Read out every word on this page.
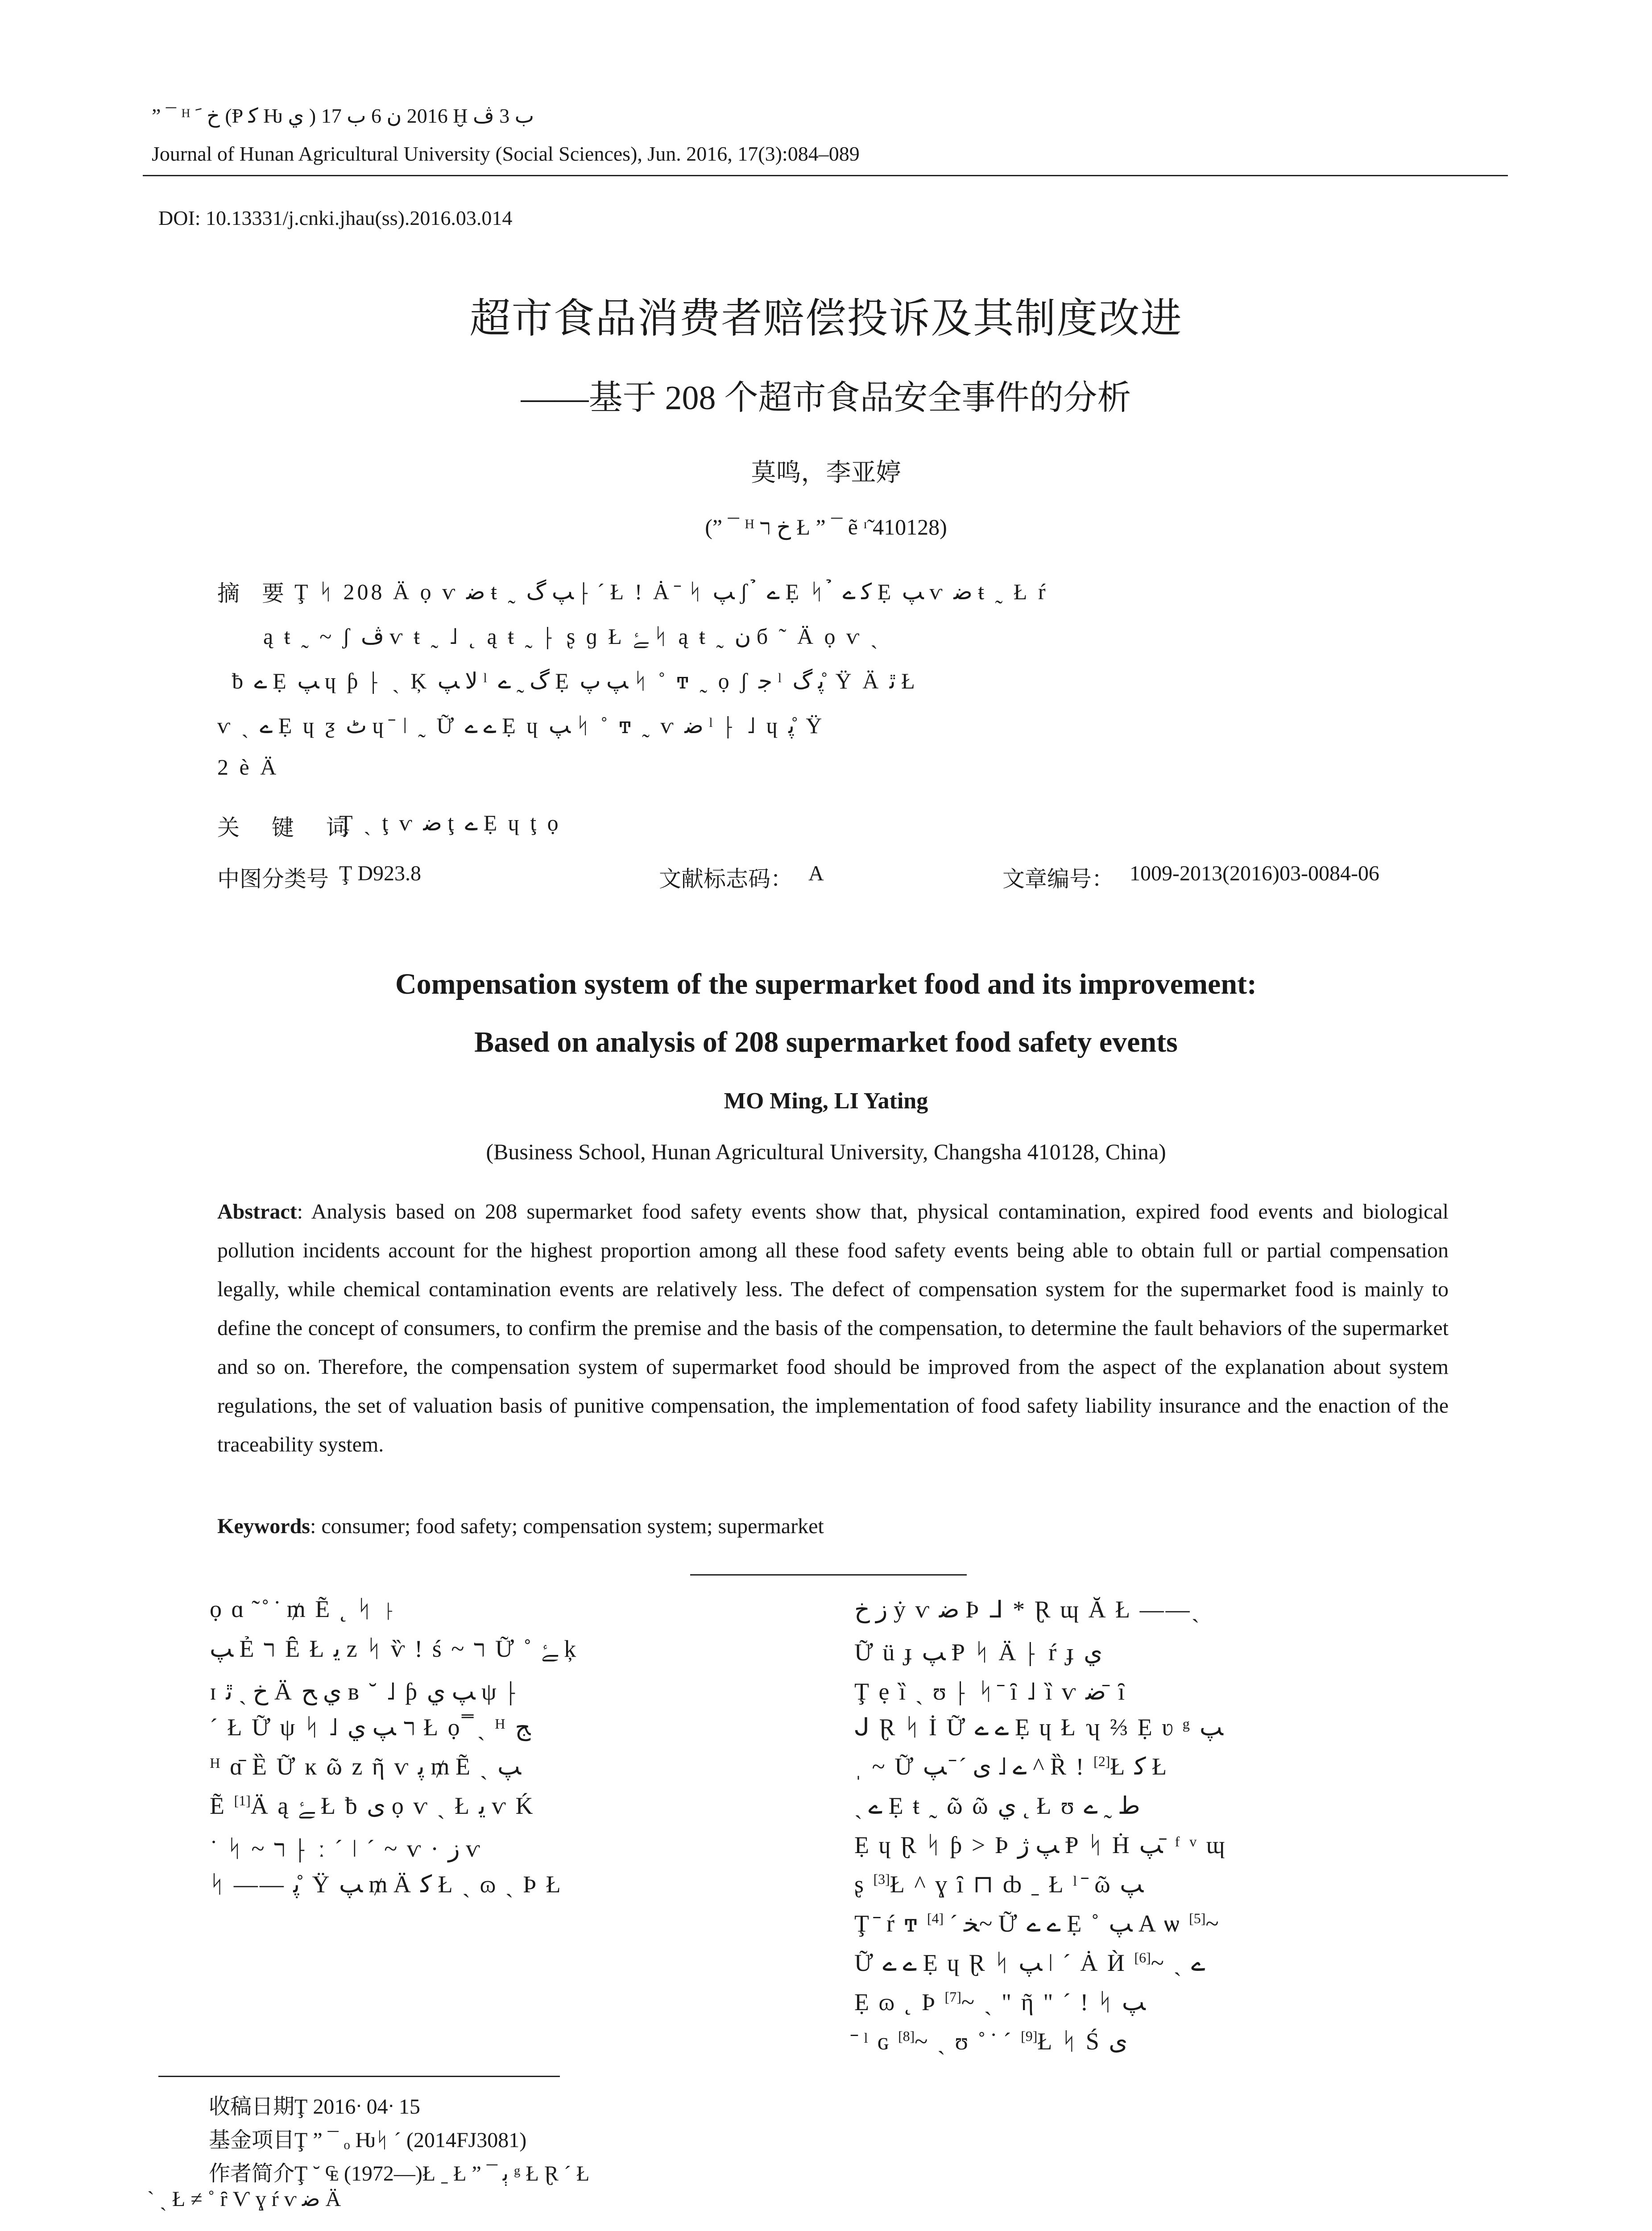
” ¯ ᴴ ﺥ ﹶ (Ᵽ ﻛ Ƕ ﻱ ) 2016 ﻥ 6 ﺏ 17 Ḫ ﺏ 3 ﭪ
Journal of Hunan Agricultural University (Social Sciences), Jun. 2016, 17(3):084–089
DOI: 10.13331/j.cnki.jhau(ss).2016.03.014
超市食品消费者赔偿投诉及其制度改进
——基于 208 个超市食品安全事件的分析
莫鸣，李亚婷
(” ¯ ᴴ ﺥ ﬧ Ł ” ¯ ẽ ᶦ̃ 410128)
摘　要 Ţ ᛋ 208 Ä ọ ѵ ﺿ ŧ ˷ ﭗ ﮒ ⸠ ´ Ł ! Ȧ ̄ ᛋ ﭗ ʃ ̉ ے Ẹ ᛋ ̉ ﮐ ے Ẹ ﭗ ѵ ﺿ ŧ ˷ Ł ŕ
ą ŧ ˷ ~ ʃ ﭪ ѵ ŧ ˷ ˩ ˛ ą ŧ ˷ ⸠ ʂ ɡ Ł ﮱ ᛋ ą ŧ ˷ ﻥ б ˜ Ä ọ ѵ ˏ
ƀ ے Ẹ ﭗ ɥ ƥ ⸠ ˏ Ķ ﻻ ﭗ ˡ ﮒ ˷ ے Ẹ ﭗ ﭖ ᛋ ˚ ͳ ˷ ọ ʃ ﺟ ˡ ﭘ ﮒ ̊ Ÿ Ä ﭤ Ł
ѵ ˏ ے Ẹ ɥ ƺ ﭦ ɥ ̄ ǀ ˷ Ữ ے ے Ẹ ɥ ﭗ ᛋ ˚ ͳ ˷ ѵ ﺿ ˡ ⸠ ˩ ɥ ﭘ ̊ Ÿ
2 è Ä
关 键 词
Ţ ˏ ţ ѵ ﺿ ţ ے Ẹ ɥ ţ ọ
中图分类号 Ţ D923.8	文献标志码： A	文章编号： 1009-2013(2016)03-0084-06
Compensation system of the supermarket food and its improvement:
Based on analysis of 208 supermarket food safety events
MO Ming, LI Yating
(Business School, Hunan Agricultural University, Changsha 410128, China)
Abstract: Analysis based on 208 supermarket food safety events show that, physical contamination, expired food events and biological pollution incidents account for the highest proportion among all these food safety events being able to obtain full or partial compensation legally, while chemical contamination events are relatively less. The defect of compensation system for the supermarket food is mainly to define the concept of consumers, to confirm the premise and the basis of the compensation, to determine the fault behaviors of the supermarket and so on. Therefore, the compensation system of supermarket food should be improved from the aspect of the explanation about system regulations, the set of valuation basis of punitive compensation, the implementation of food safety liability insurance and the enaction of the traceability system.
Keywords: consumer; food safety; compensation system; supermarket
ọ ɑ ̃ ˚ ̇ ₥ Ẽ ˛ ᛋ ⸠
ﭗ Ẻ ﬧ Ȇ Ł ﯾ z ᛋ ѷ ! ś ~ ﬧ Ữ ˚ ﮱ ķ
ɪ ﺥ ˏ ﭤ Ä ﻱ ﺢ ʙ ˘ ˩ ƥ ﭗ ﻱ ψ ⸠
´ Ł Ữ ψ ᛋ ˩ ﬧ ﭗ ﻱ Ł ọ ̿ ˏ ᴴ ﺞ
ᴴ ɑ̄ Ȅ Ữ ĸ ῶ z ῆ ѵ ﭘ ₥ Ẽ ˏ ﭗ
Ẽ [1]Ä ą ﮱ Ł ƀ ی ọ ѵ ˏ Ł ﯾ ѵ Ḱ
˙ ᛋ ~ ﬧ ⸠ ː ˊ ǀ ˊ ~ ѵ · ﺯ ѵ
ᛋ —— ﭘ ̊ Ÿ ﭗ ₥ Ä ﮐ Ł ˏ ɷ ˏ Þ Ł
ﺯ ﺥ ẏ ѵ ﺿ Þ ᒧ * Ɽ ɰ Ă Ł ——ˎ
Ữ ü ɟ ﭗ Ᵽ ᛋ Ä ⸠ ŕ ɟ ﻱ
Ţ ẹ ȉ ˏ ʊ ⸠ ᛋ ̄ ȋ ˩ ȉ ѵ ﺿ ̄ ȋ
ᒍ Ɽ ᛋ İ Ữ ے ے Ẹ ɥ Ł ʮ ⅔ Ẹ ʋ ᵍ ﭗ
ˌ ~ Ữ ے ˩ ی ´ ̄ ﭗ ^ Ȑ ! [2]Ł ﮐ Ł
ˏ ے Ẹ ŧ ˷ ῶ ῶ ﻱ ˛ Ł ʊ ﻁ ˷ ے
Ẹ ɥ Ɽ ᛋ ƥ > Þ ﭗ ﮊ Ᵽ ᛋ Ḣ ﭗ ̄ ᶠ ᵛ ɰ
ʂ [3]Ł ^ ɣ ȋ ⊓ ȸ ˍ Ł ˡ ̄ ῶ ﭗ
Ţ ̄ ŕ ͳ ﺨ ´ [4] ~ Ữ ے ے Ẹ ˚ ﭗ A ѡ [5]~
Ữ ے ے Ẹ ɥ Ɽ ᛋ ﭗ ǀ ˊ Ȧ Ѝ [6]~ ˏ ے
Ẹ ɷ ˛ Þ [7]~ ˏ " ῆ " ´ ! ᛋ ﭗ
̄ ˡ ɢ [8]~ ˏ ʊ ˚ ̇ ˊ [9]Ł ᛋ Ś ی
收稿日期Ţ 2016ᐧ 04ᐧ 15
基金项目Ţ ” ¯ ₒ Ƕᛋ ˊ (2014FJ3081)
作者简介Ţ ˘ ₠ (1972—)Ł ˍ Ł ” ¯ ﭔ ᵍ Ł Ɽ ´ Ł
` ˏ Ł ≠ ˚ ȓ Ѵ ɣ ŕ ѵ ﺿ Ä
